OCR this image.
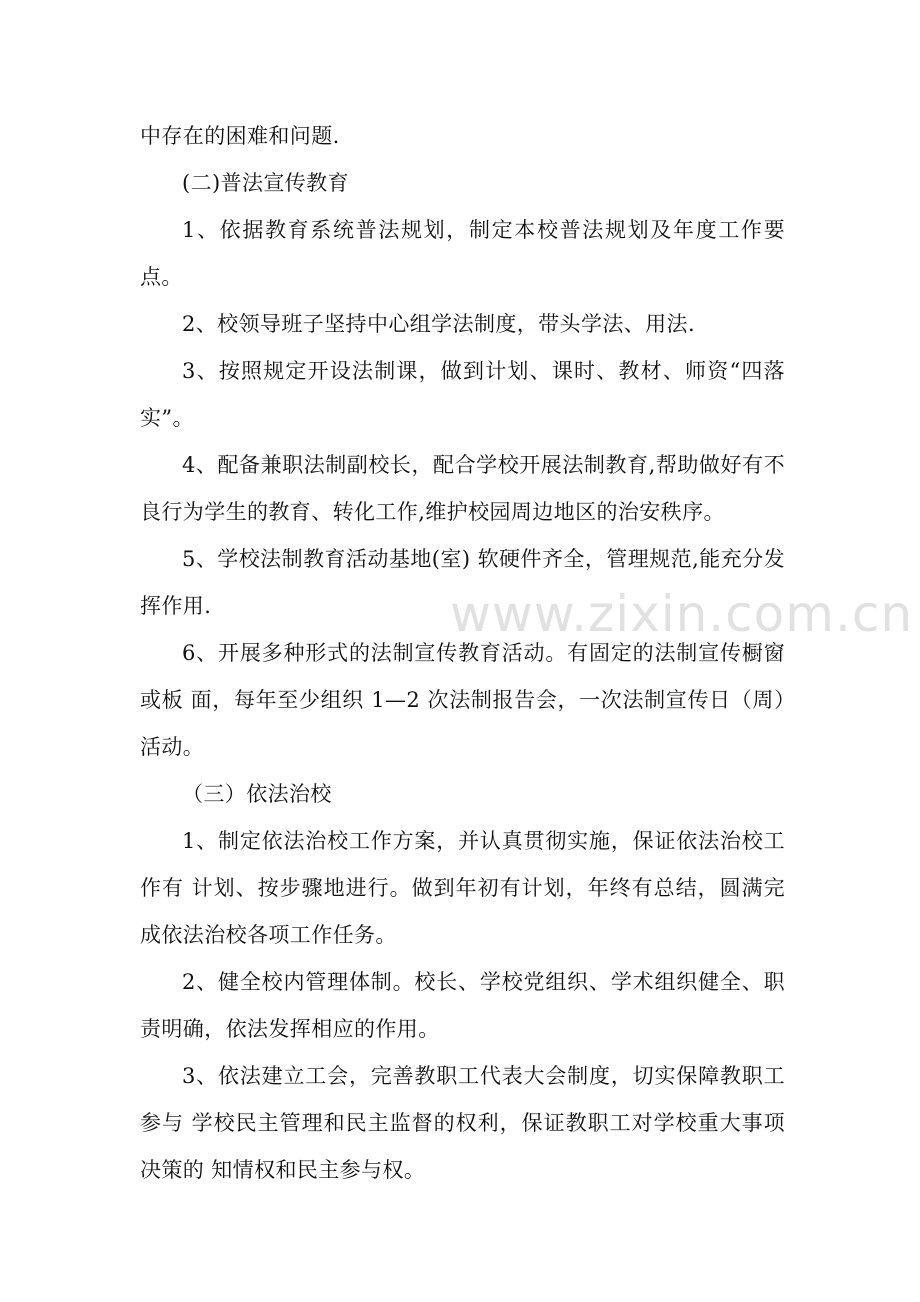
中存在的困难和问题.

(二)普法宣传教育

1、依据教育系统普法规划，制定本校普法规划及年度工作要点。

2、校领导班子坚持中心组学法制度，带头学法、用法.

3、按照规定开设法制课，做到计划、课时、教材、师资“四落实”。

4、配备兼职法制副校长，配合学校开展法制教育,帮助做好有不良行为学生的教育、转化工作,维护校园周边地区的治安秩序。

5、学校法制教育活动基地(室) 软硬件齐全，管理规范,能充分发挥作用.

6、开展多种形式的法制宣传教育活动。有固定的法制宣传橱窗或板 面，每年至少组织 1—2 次法制报告会，一次法制宣传日（周）活动。

（三）依法治校

1、制定依法治校工作方案，并认真贯彻实施，保证依法治校工作有 计划、按步骤地进行。做到年初有计划，年终有总结，圆满完成依法治校各项工作任务。

2、健全校内管理体制。校长、学校党组织、学术组织健全、职责明确，依法发挥相应的作用。

3、依法建立工会，完善教职工代表大会制度，切实保障教职工参与 学校民主管理和民主监督的权利，保证教职工对学校重大事项决策的 知情权和民主参与权。

www.zixin.com.cn
